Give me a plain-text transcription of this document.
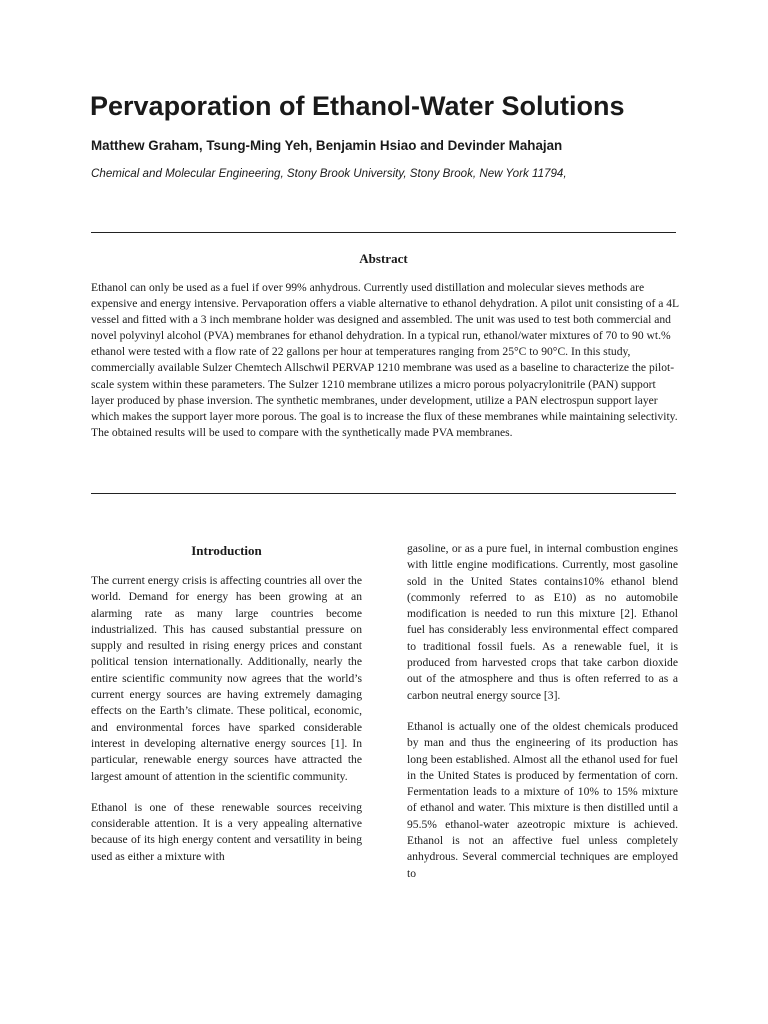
Pervaporation of Ethanol-Water Solutions
Matthew Graham, Tsung-Ming Yeh, Benjamin Hsiao and Devinder Mahajan
Chemical and Molecular Engineering, Stony Brook University, Stony Brook, New York 11794,
Abstract

Ethanol can only be used as a fuel if over 99% anhydrous. Currently used distillation and molecular sieves methods are expensive and energy intensive. Pervaporation offers a viable alternative to ethanol dehydration. A pilot unit consisting of a 4L vessel and fitted with a 3 inch membrane holder was designed and assembled. The unit was used to test both commercial and novel polyvinyl alcohol (PVA) membranes for ethanol dehydration. In a typical run, ethanol/water mixtures of 70 to 90 wt.% ethanol were tested with a flow rate of 22 gallons per hour at temperatures ranging from 25°C to 90°C. In this study, commercially available Sulzer Chemtech Allschwil PERVAP 1210 membrane was used as a baseline to characterize the pilot-scale system within these parameters. The Sulzer 1210 membrane utilizes a micro porous polyacrylonitrile (PAN) support layer produced by phase inversion. The synthetic membranes, under development, utilize a PAN electrospun support layer which makes the support layer more porous. The goal is to increase the flux of these membranes while maintaining selectivity. The obtained results will be used to compare with the synthetically made PVA membranes.

Introduction

The current energy crisis is affecting countries all over the world. Demand for energy has been growing at an alarming rate as many large countries become industrialized. This has caused substantial pressure on supply and resulted in rising energy prices and constant political tension internationally. Additionally, nearly the entire scientific community now agrees that the world’s current energy sources are having extremely damaging effects on the Earth’s climate. These political, economic, and environmental forces have sparked considerable interest in developing alternative energy sources [1]. In particular, renewable energy sources have attracted the largest amount of attention in the scientific community.

Ethanol is one of these renewable sources receiving considerable attention. It is a very appealing alternative because of its high energy content and versatility in being used as either a mixture with

gasoline, or as a pure fuel, in internal combustion engines with little engine modifications. Currently, most gasoline sold in the United States contains10% ethanol blend (commonly referred to as E10) as no automobile modification is needed to run this mixture [2]. Ethanol fuel has considerably less environmental effect compared to traditional fossil fuels. As a renewable fuel, it is produced from harvested crops that take carbon dioxide out of the atmosphere and thus is often referred to as a carbon neutral energy source [3].

Ethanol is actually one of the oldest chemicals produced by man and thus the engineering of its production has long been established. Almost all the ethanol used for fuel in the United States is produced by fermentation of corn. Fermentation leads to a mixture of 10% to 15% mixture of ethanol and water. This mixture is then distilled until a 95.5% ethanol-water azeotropic mixture is achieved. Ethanol is not an affective fuel unless completely anhydrous. Several commercial techniques are employed to
